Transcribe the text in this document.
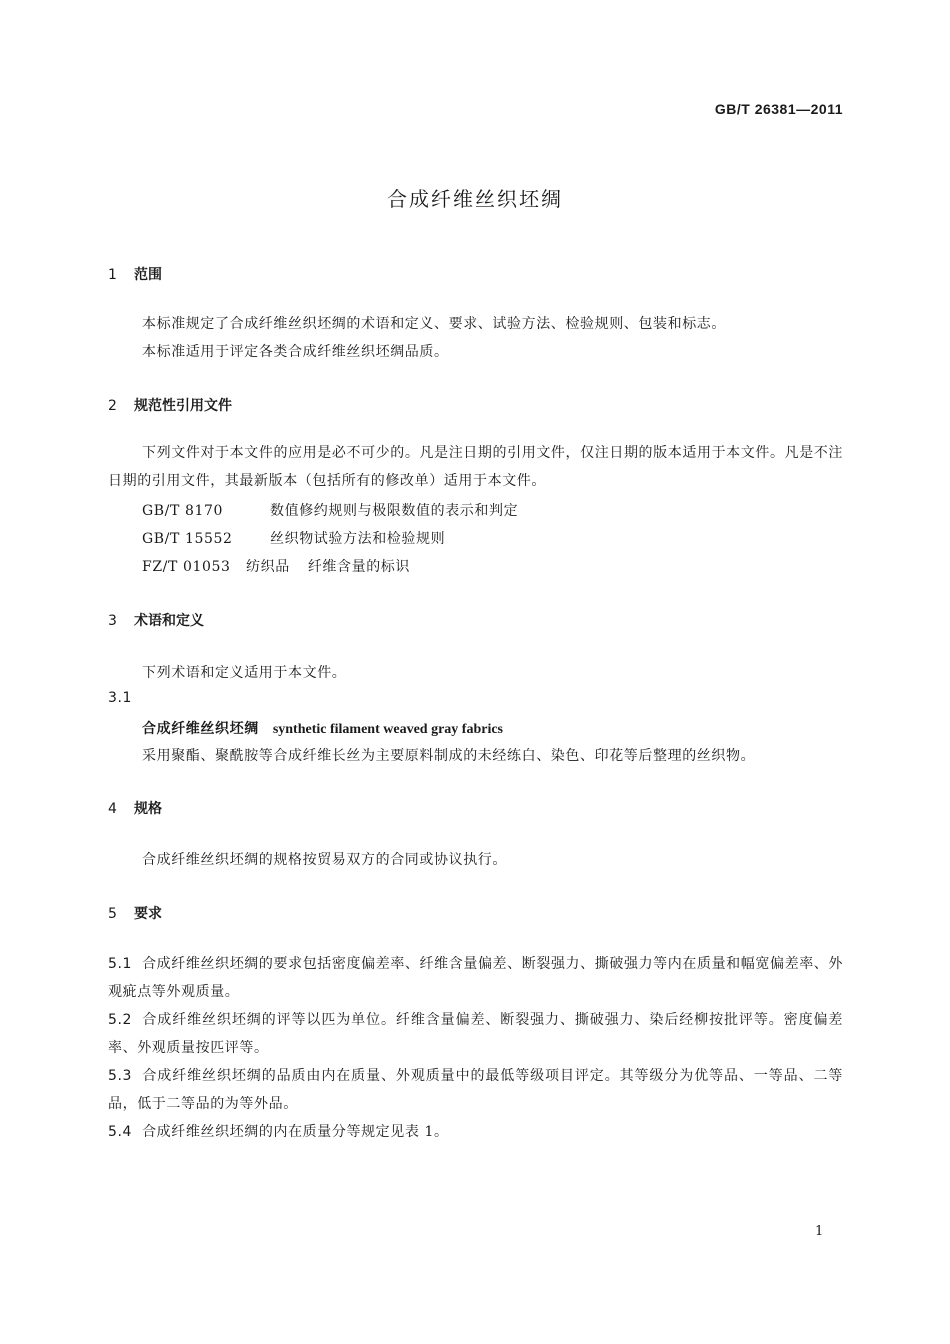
GB/T 26381—2011
合成纤维丝织坯绸
1 范围
本标准规定了合成纤维丝织坯绸的术语和定义、要求、试验方法、检验规则、包装和标志。
本标准适用于评定各类合成纤维丝织坯绸品质。
2 规范性引用文件
下列文件对于本文件的应用是必不可少的。凡是注日期的引用文件，仅注日期的版本适用于本文件。凡是不注日期的引用文件，其最新版本（包括所有的修改单）适用于本文件。
GB/T 8170	数值修约规则与极限数值的表示和判定
GB/T 15552	丝织物试验方法和检验规则
FZ/T 01053 纺织品 纤维含量的标识
3 术语和定义
下列术语和定义适用于本文件。
3.1
合成纤维丝织坯绸 synthetic filament weaved gray fabrics
采用聚酯、聚酰胺等合成纤维长丝为主要原料制成的未经练白、染色、印花等后整理的丝织物。
4 规格
合成纤维丝织坯绸的规格按贸易双方的合同或协议执行。
5 要求
5.1 合成纤维丝织坯绸的要求包括密度偏差率、纤维含量偏差、断裂强力、撕破强力等内在质量和幅宽偏差率、外观疵点等外观质量。
5.2 合成纤维丝织坯绸的评等以匹为单位。纤维含量偏差、断裂强力、撕破强力、染后经柳按批评等。密度偏差率、外观质量按匹评等。
5.3 合成纤维丝织坯绸的品质由内在质量、外观质量中的最低等级项目评定。其等级分为优等品、一等品、二等品，低于二等品的为等外品。
5.4 合成纤维丝织坯绸的内在质量分等规定见表 1。
1
